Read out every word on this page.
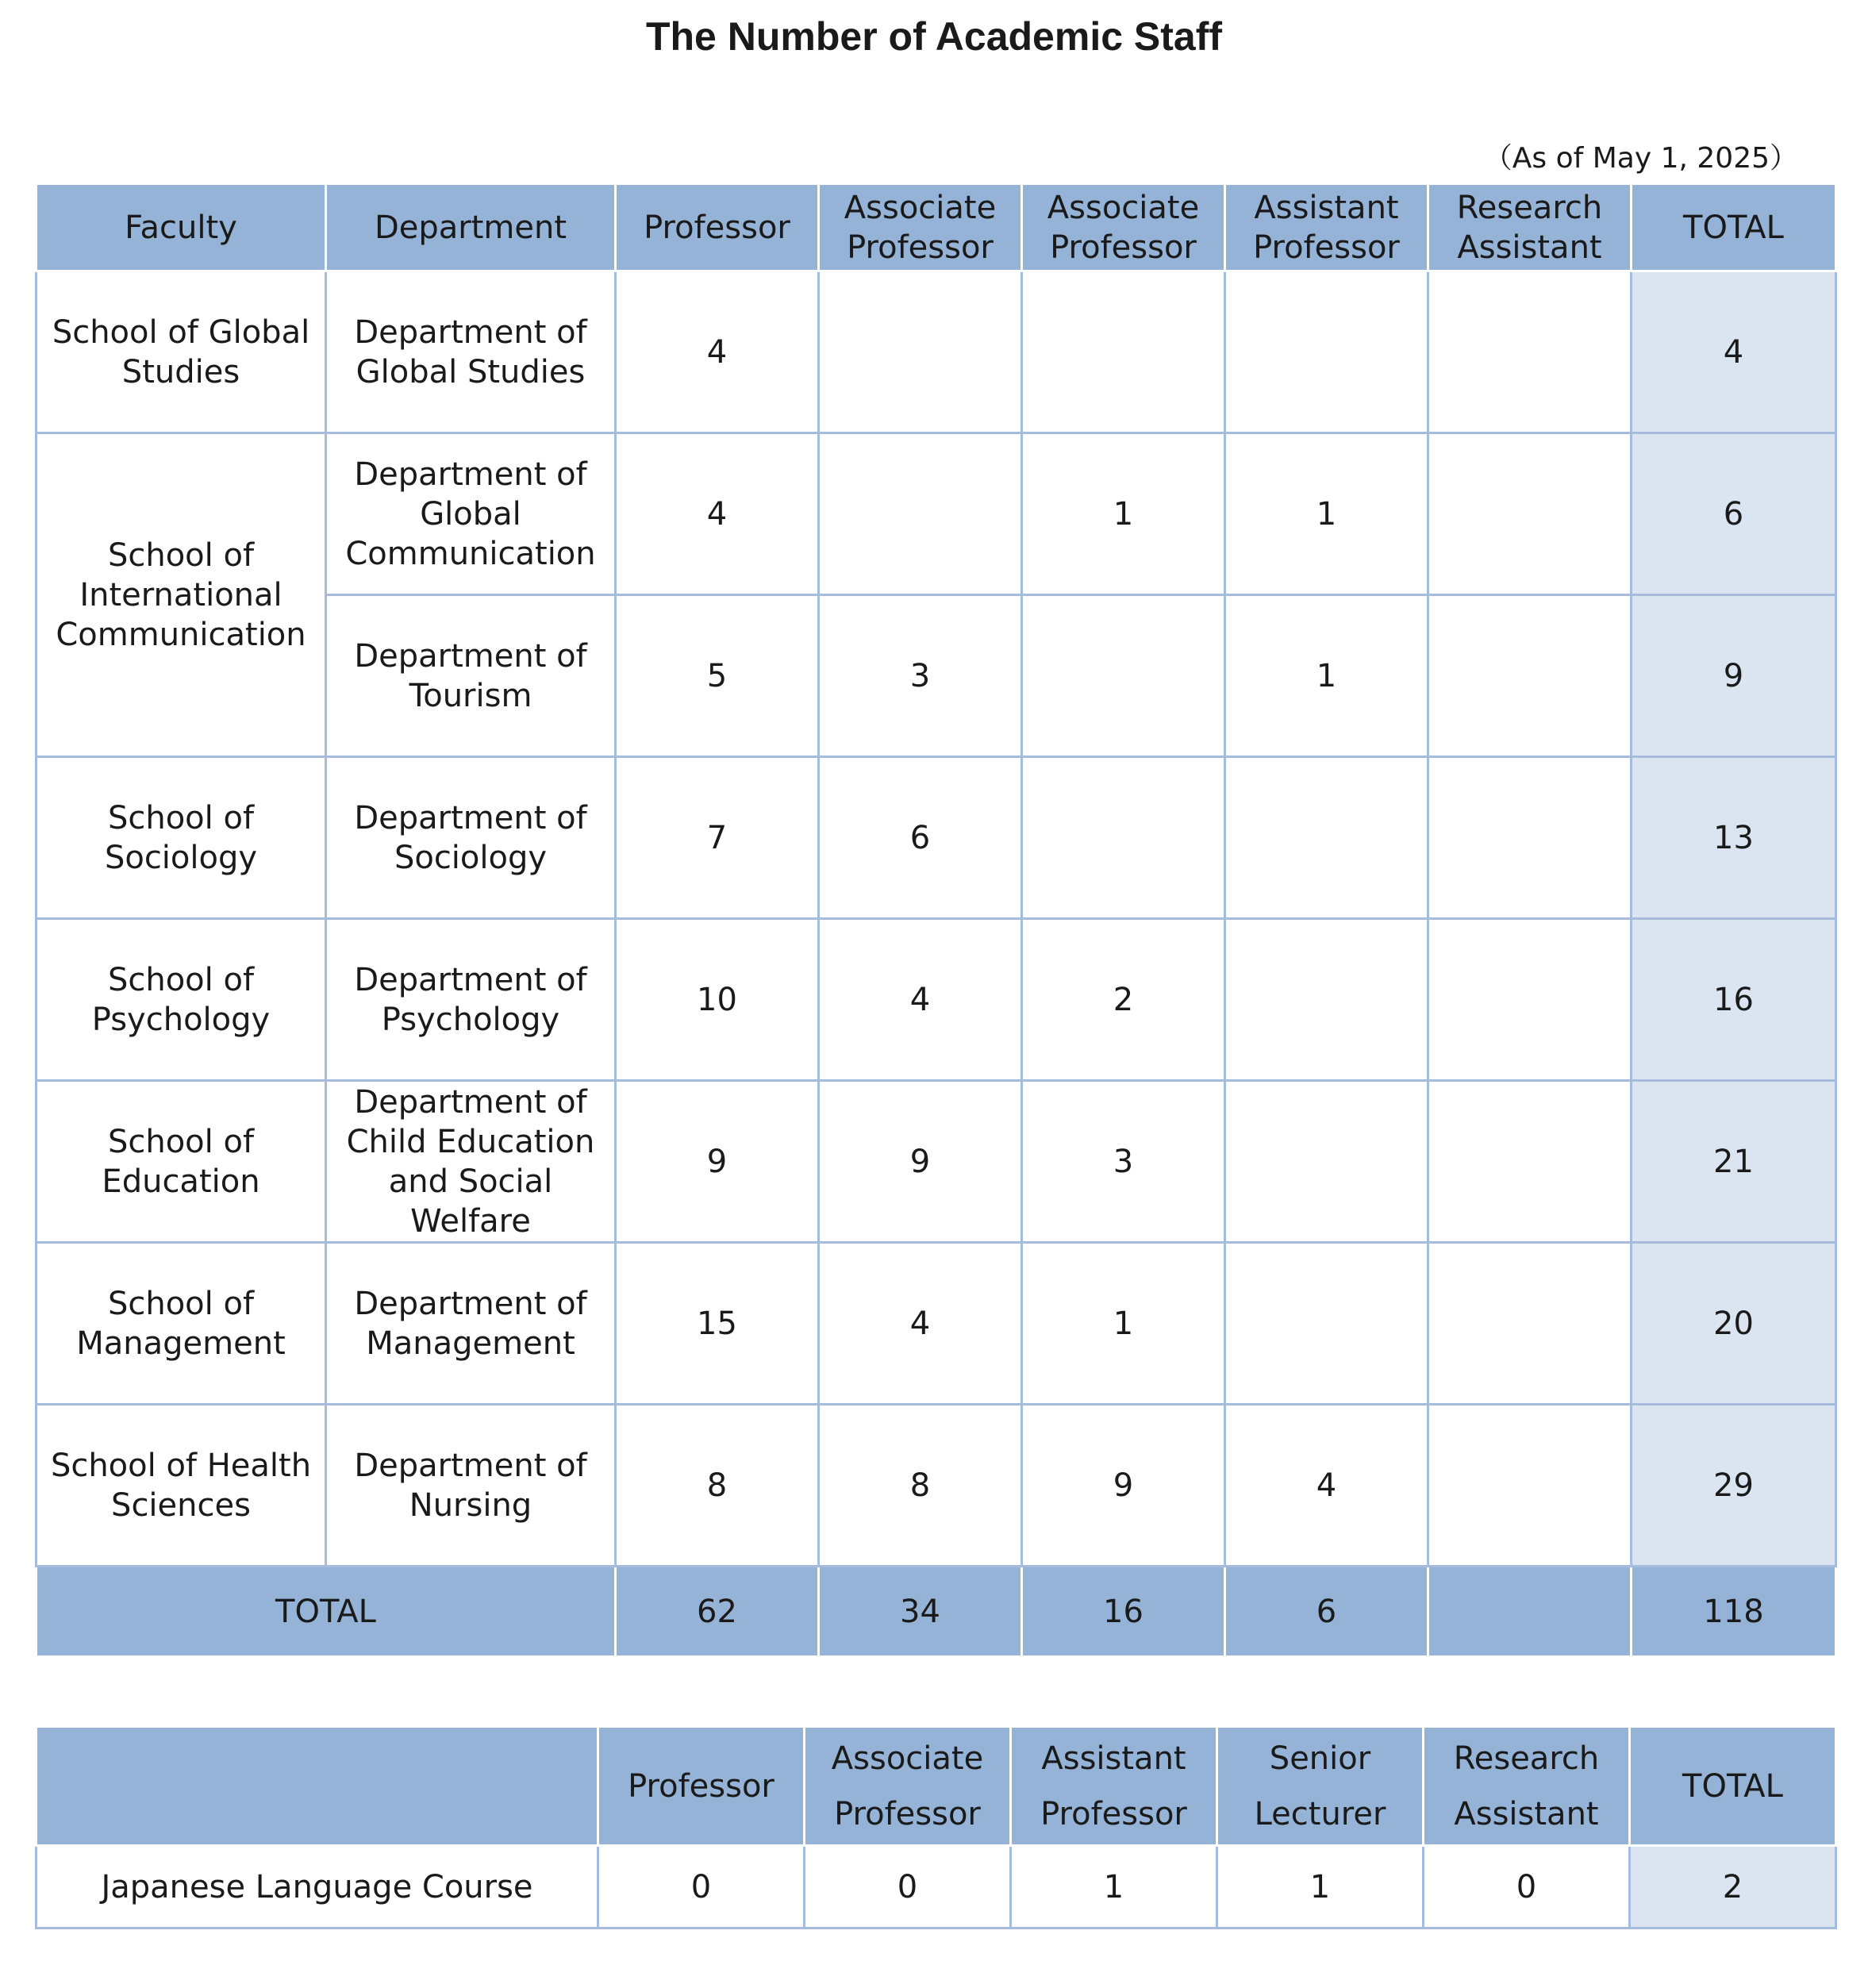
The Number of Academic Staff
（As of May 1, 2025）
Faculty	Department	Professor	Associate Professor	Associate Professor	Assistant Professor	Research Assistant	TOTAL
School of Global Studies	Department of Global Studies	4					4
School of International Communication	Department of Global Communication	4		1	1		6
	Department of Tourism	5	3		1		9
School of Sociology	Department of Sociology	7	6				13
School of Psychology	Department of Psychology	10	4	2			16
School of Education	Department of Child Education and Social Welfare	9	9	3			21
School of Management	Department of Management	15	4	1			20
School of Health Sciences	Department of Nursing	8	8	9	4		29
TOTAL		62	34	16	6		118
	Professor	Associate Professor	Assistant Professor	Senior Lecturer	Research Assistant	TOTAL
Japanese Language Course	0	0	1	1	0	2
